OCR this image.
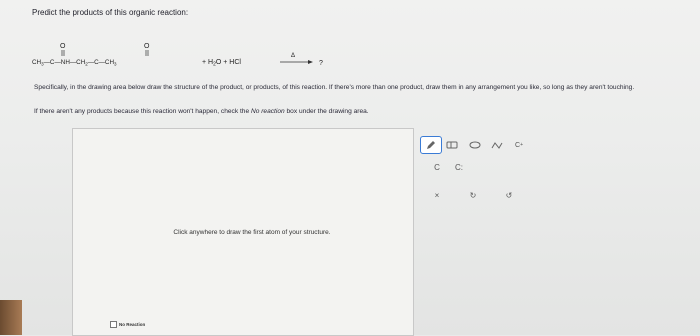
Predict the products of this organic reaction:
O	O
$CH_3—C—NH—CH_2—C—CH_3$	+ $H_2O$ + HCl
Δ
?
Specifically, in the drawing area below draw the structure of the product, or products, of this reaction. If there's more than one product, draw them in any arrangement you like, so long as they aren't touching.
If there aren't any products because this reaction won't happen, check the No reaction box under the drawing area.
Click anywhere to draw the first atom of your structure.
No Reaction
C +
C	C:
×	↻	↺
